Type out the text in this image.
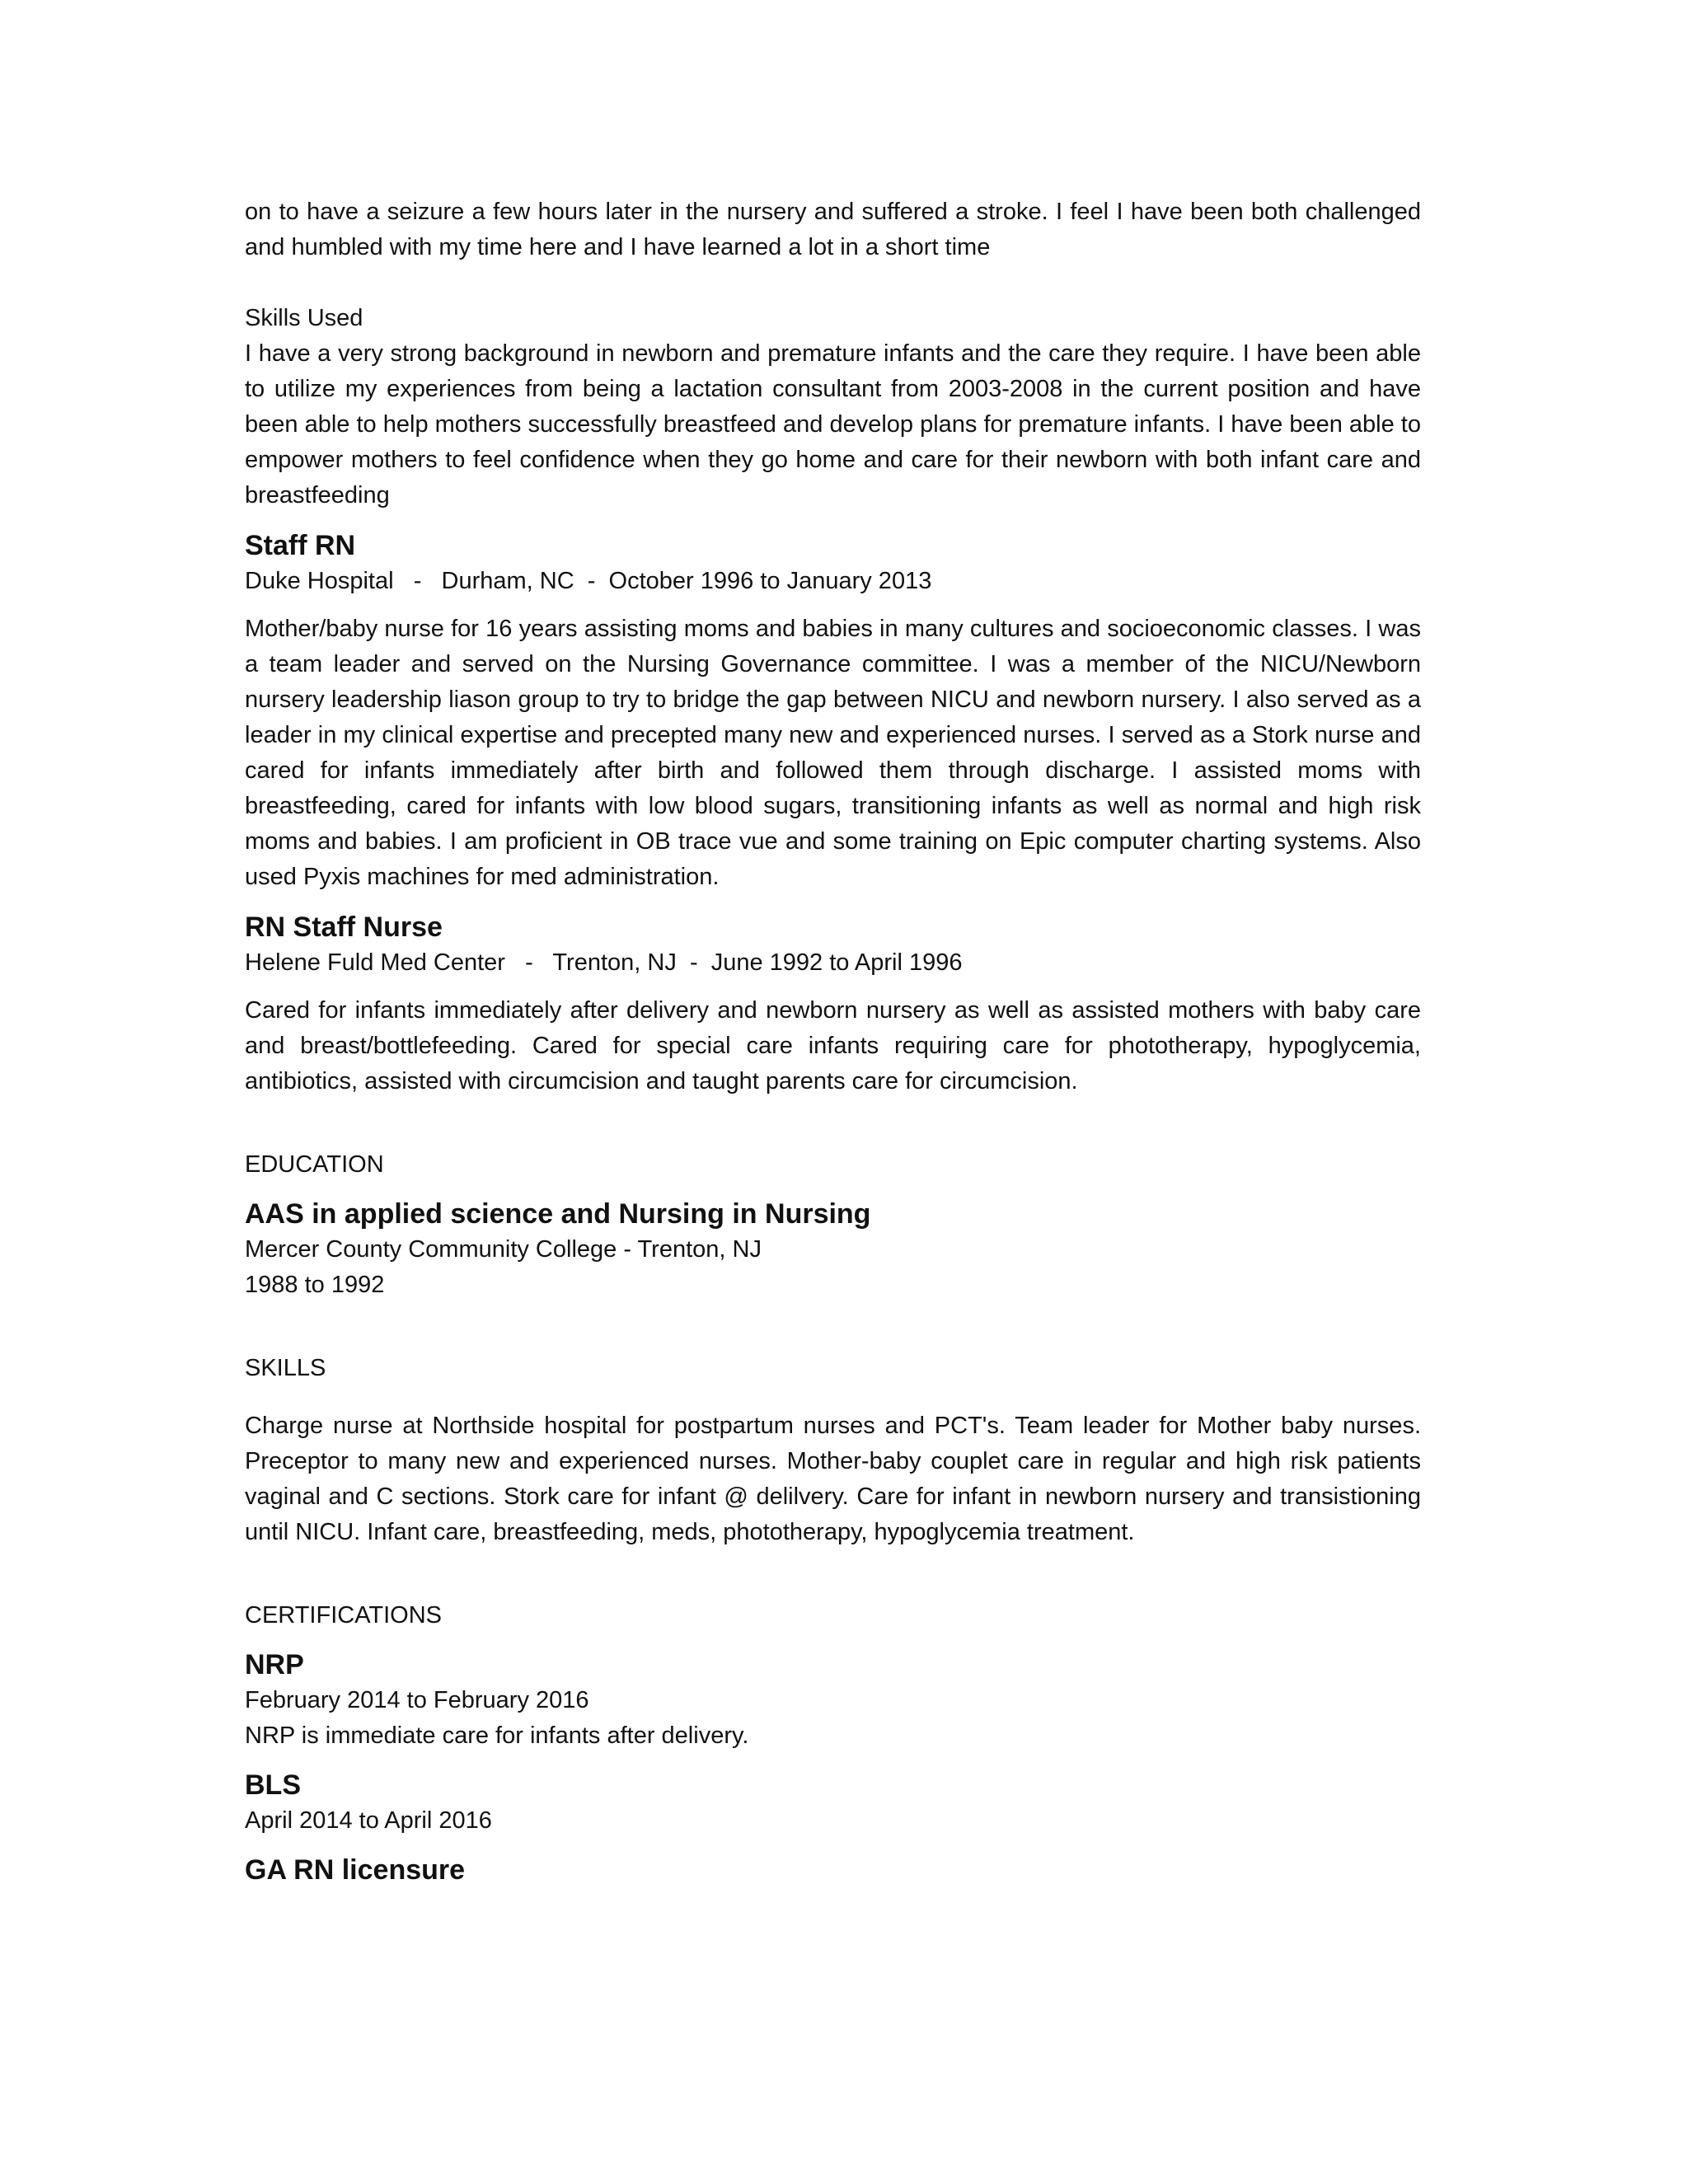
on to have a seizure a few hours later in the nursery and suffered a stroke. I feel I have been both challenged and humbled with my time here and I have learned a lot in a short time

Skills Used

I have a very strong background in newborn and premature infants and the care they require. I have been able to utilize my experiences from being a lactation consultant from 2003-2008 in the current position and have been able to help mothers successfully breastfeed and develop plans for premature infants. I have been able to empower mothers to feel confidence when they go home and care for their newborn with both infant care and breastfeeding

Staff RN

Duke Hospital   -   Durham, NC  -  October 1996 to January 2013

Mother/baby nurse for 16 years assisting moms and babies in many cultures and socioeconomic classes. I was a team leader and served on the Nursing Governance committee. I was a member of the NICU/Newborn nursery leadership liason group to try to bridge the gap between NICU and newborn nursery. I also served as a leader in my clinical expertise and precepted many new and experienced nurses. I served as a Stork nurse and cared for infants immediately after birth and followed them through discharge. I assisted moms with breastfeeding, cared for infants with low blood sugars, transitioning infants as well as normal and high risk moms and babies. I am proficient in OB trace vue and some training on Epic computer charting systems. Also used Pyxis machines for med administration.

RN Staff Nurse

Helene Fuld Med Center   -   Trenton, NJ  -  June 1992 to April 1996

Cared for infants immediately after delivery and newborn nursery as well as assisted mothers with baby care and breast/bottlefeeding. Cared for special care infants requiring care for phototherapy, hypoglycemia, antibiotics, assisted with circumcision and taught parents care for circumcision.

EDUCATION

AAS in applied science and Nursing in Nursing

Mercer County Community College - Trenton, NJ

1988 to 1992

SKILLS

Charge nurse at Northside hospital for postpartum nurses and PCT's. Team leader for Mother baby nurses. Preceptor to many new and experienced nurses. Mother-baby couplet care in regular and high risk patients vaginal and C sections. Stork care for infant @ delilvery. Care for infant in newborn nursery and transistioning until NICU. Infant care, breastfeeding, meds, phototherapy, hypoglycemia treatment.

CERTIFICATIONS

NRP

February 2014 to February 2016

NRP is immediate care for infants after delivery.

BLS

April 2014 to April 2016

GA RN licensure
